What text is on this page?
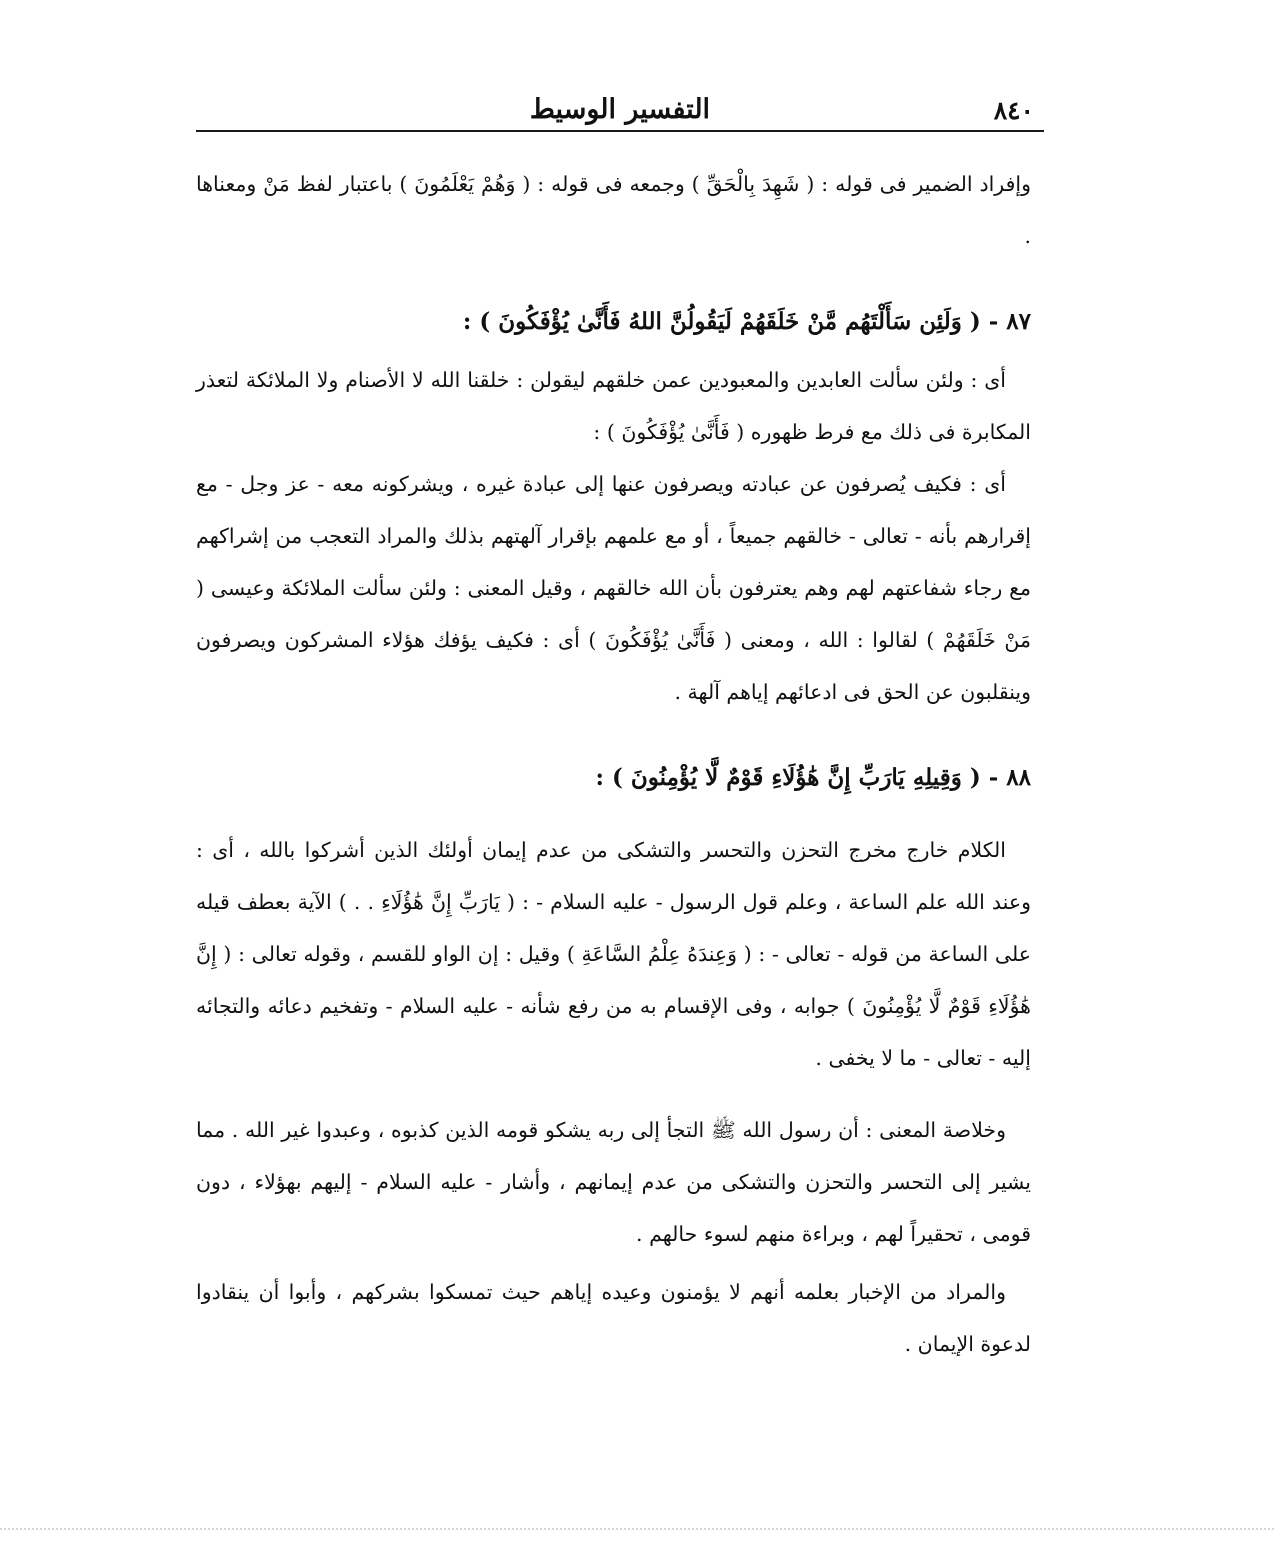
التفسير الوسيط	٨٤٠

وإفراد الضمير فى قوله : ( شَهِدَ بِالْحَقِّ ) وجمعه فى قوله : ( وَهُمْ يَعْلَمُونَ ) باعتبار لفظ مَنْ ومعناها .

٨٧ - ( وَلَئِن سَأَلْتَهُم مَّنْ خَلَقَهُمْ لَيَقُولُنَّ اللهُ فَأَنَّىٰ يُؤْفَكُونَ ) :

أى : ولئن سألت العابدين والمعبودين عمن خلقهم ليقولن : خلقنا الله لا الأصنام ولا الملائكة لتعذر المكابرة فى ذلك مع فرط ظهوره ( فَأَنَّىٰ يُؤْفَكُونَ ) :

أى : فكيف يُصرفون عن عبادته ويصرفون عنها إلى عبادة غيره ، ويشركونه معه - عز وجل - مع إقرارهم بأنه - تعالى - خالقهم جميعاً ، أو مع علمهم بإقرار آلهتهم بذلك والمراد التعجب من إشراكهم مع رجاء شفاعتهم لهم وهم يعترفون بأن الله خالقهم ، وقيل المعنى : ولئن سألت الملائكة وعيسى ( مَنْ خَلَقَهُمْ ) لقالوا : الله ، ومعنى ( فَأَنَّىٰ يُؤْفَكُونَ ) أى : فكيف يؤفك هؤلاء المشركون ويصرفون وينقلبون عن الحق فى ادعائهم إياهم آلهة .

٨٨ - ( وَقِيلِهِ يَارَبِّ إِنَّ هَٰؤُلَاءِ قَوْمٌ لَّا يُؤْمِنُونَ ) :

الكلام خارج مخرج التحزن والتحسر والتشكى من عدم إيمان أولئك الذين أشركوا بالله ، أى : وعند الله علم الساعة ، وعلم قول الرسول - عليه السلام - : ( يَارَبِّ إِنَّ هَٰؤُلَاءِ . . ) الآية بعطف قيله على الساعة من قوله - تعالى - : ( وَعِندَهُ عِلْمُ السَّاعَةِ ) وقيل : إن الواو للقسم ، وقوله تعالى : ( إِنَّ هَٰؤُلَاءِ قَوْمٌ لَّا يُؤْمِنُونَ ) جوابه ، وفى الإقسام به من رفع شأنه - عليه السلام - وتفخيم دعائه والتجائه إليه - تعالى - ما لا يخفى .

وخلاصة المعنى : أن رسول الله ﷺ التجأ إلى ربه يشكو قومه الذين كذبوه ، وعبدوا غير الله . مما يشير إلى التحسر والتحزن والتشكى من عدم إيمانهم ، وأشار - عليه السلام - إليهم بهؤلاء ، دون قومى ، تحقيراً لهم ، وبراءة منهم لسوء حالهم .

والمراد من الإخبار بعلمه أنهم لا يؤمنون وعيده إياهم حيث تمسكوا بشركهم ، وأبوا أن ينقادوا لدعوة الإيمان .
